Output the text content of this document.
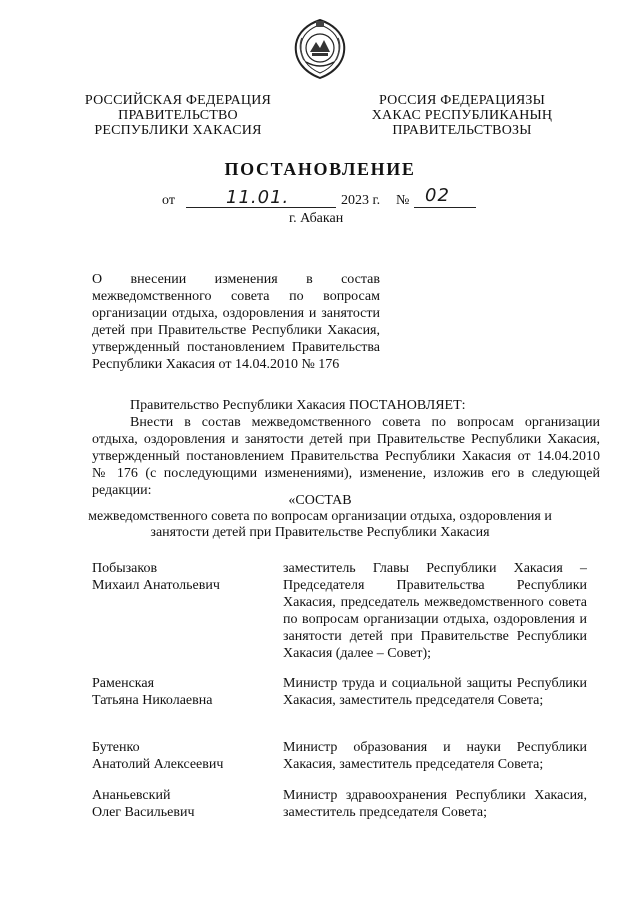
РОССИЙСКАЯ ФЕДЕРАЦИЯ
ПРАВИТЕЛЬСТВО
РЕСПУБЛИКИ ХАКАСИЯ
РОССИЯ ФЕДЕРАЦИЯЗЫ
ХАКАС РЕСПУБЛИКАНЫҢ
ПРАВИТЕЛЬСТВОЗЫ
ПОСТАНОВЛЕНИЕ
от	11.01.	2023 г. № 02
г. Абакан
О внесении изменения в состав
межведомственного совета по вопросам
организации отдыха, оздоровления и занятости
детей при Правительстве Республики Хакасия,
утвержденный постановлением Правительства
Республики Хакасия от 14.04.2010 № 176
Правительство Республики Хакасия ПОСТАНОВЛЯЕТ:
Внести в состав межведомственного совета по вопросам организации
отдыха, оздоровления и занятости детей при Правительстве Республики Хакасия,
утвержденный постановлением Правительства Республики Хакасия от 14.04.2010
№ 176 (с последующими изменениями), изменение, изложив его в следующей
редакции:
«СОСТАВ
межведомственного совета по вопросам организации отдыха, оздоровления и
занятости детей при Правительстве Республики Хакасия
Побызаков
Михаил Анатольевич
заместитель Главы Республики Хакасия –
Председателя Правительства Республики
Хакасия, председатель межведомственного совета
по вопросам организации отдыха, оздоровления и
занятости детей при Правительстве Республики
Хакасия (далее – Совет);
Раменская
Татьяна Николаевна
Министр труда и социальной защиты Республики
Хакасия, заместитель председателя Совета;
Бутенко
Анатолий Алексеевич
Министр образования и науки Республики
Хакасия, заместитель председателя Совета;
Ананьевский
Олег Васильевич
Министр здравоохранения Республики Хакасия,
заместитель председателя Совета;
